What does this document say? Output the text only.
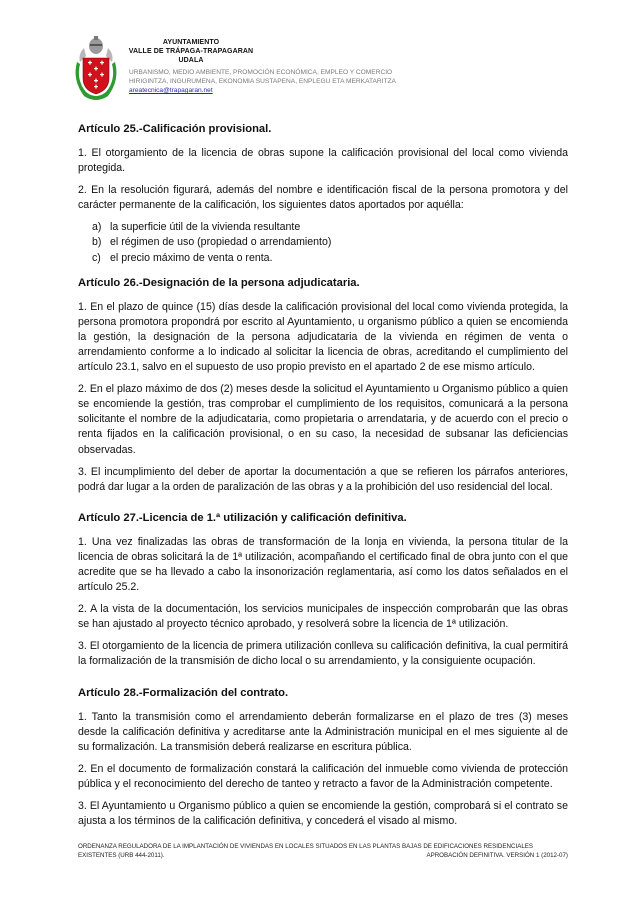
AYUNTAMIENTO
VALLE DE TRÁPAGA-TRAPAGARAN
UDALA
URBANISMO, MEDIO AMBIENTE, PROMOCIÓN ECONÓMICA, EMPLEO Y COMERCIO
HIRIGINTZA, INGURUMENA, EKONOMIA SUSTAPENA, ENPLEGU ETA MERKATARITZA
areatecnica@trapagaran.net
Artículo 25.-Calificación provisional.

1. El otorgamiento de la licencia de obras supone la calificación provisional del local como vivienda protegida.

2. En la resolución figurará, además del nombre e identificación fiscal de la persona promotora y del carácter permanente de la calificación, los siguientes datos aportados por aquélla:

a) la superficie útil de la vivienda resultante
b) el régimen de uso (propiedad o arrendamiento)
c) el precio máximo de venta o renta.
Artículo 26.-Designación de la persona adjudicataria.

1. En el plazo de quince (15) días desde la calificación provisional del local como vivienda protegida, la persona promotora propondrá por escrito al Ayuntamiento, u organismo público a quien se encomienda la gestión, la designación de la persona adjudicataria de la vivienda en régimen de venta o arrendamiento conforme a lo indicado al solicitar la licencia de obras, acreditando el cumplimiento del artículo 23.1, salvo en el supuesto de uso propio previsto en el apartado 2 de ese mismo artículo.

2. En el plazo máximo de dos (2) meses desde la solicitud el Ayuntamiento u Organismo público a quien se encomiende la gestión, tras comprobar el cumplimiento de los requisitos, comunicará a la persona solicitante el nombre de la adjudicataria, como propietaria o arrendataria, y de acuerdo con el precio o renta fijados en la calificación provisional, o en su caso, la necesidad de subsanar las deficiencias observadas.

3. El incumplimiento del deber de aportar la documentación a que se refieren los párrafos anteriores, podrá dar lugar a la orden de paralización de las obras y a la prohibición del uso residencial del local.

Artículo 27.-Licencia de 1.ª utilización y calificación definitiva.

1. Una vez finalizadas las obras de transformación de la lonja en vivienda, la persona titular de la licencia de obras solicitará la de 1ª utilización, acompañando el certificado final de obra junto con el que acredite que se ha llevado a cabo la insonorización reglamentaria, así como los datos señalados en el artículo 25.2.

2. A la vista de la documentación, los servicios municipales de inspección comprobarán que las obras se han ajustado al proyecto técnico aprobado, y resolverá sobre la licencia de 1ª utilización.

3. El otorgamiento de la licencia de primera utilización conlleva su calificación definitiva, la cual permitirá la formalización de la transmisión de dicho local o su arrendamiento, y la consiguiente ocupación.

Artículo 28.-Formalización del contrato.

1. Tanto la transmisión como el arrendamiento deberán formalizarse en el plazo de tres (3) meses desde la calificación definitiva y acreditarse ante la Administración municipal en el mes siguiente al de su formalización. La transmisión deberá realizarse en escritura pública.

2. En el documento de formalización constará la calificación del inmueble como vivienda de protección pública y el reconocimiento del derecho de tanteo y retracto a favor de la Administración competente.

3. El Ayuntamiento u Organismo público a quien se encomiende la gestión, comprobará si el contrato se ajusta a los términos de la calificación definitiva, y concederá el visado al mismo.

ORDENANZA REGULADORA DE LA IMPLANTACIÓN DE VIVIENDAS EN LOCALES SITUADOS EN LAS PLANTAS BAJAS DE EDIFICACIONES RESIDENCIALES
EXISTENTES (URB 444-2011).	APROBACIÓN DEFINITIVA. VERSIÓN 1 (2012-07)
